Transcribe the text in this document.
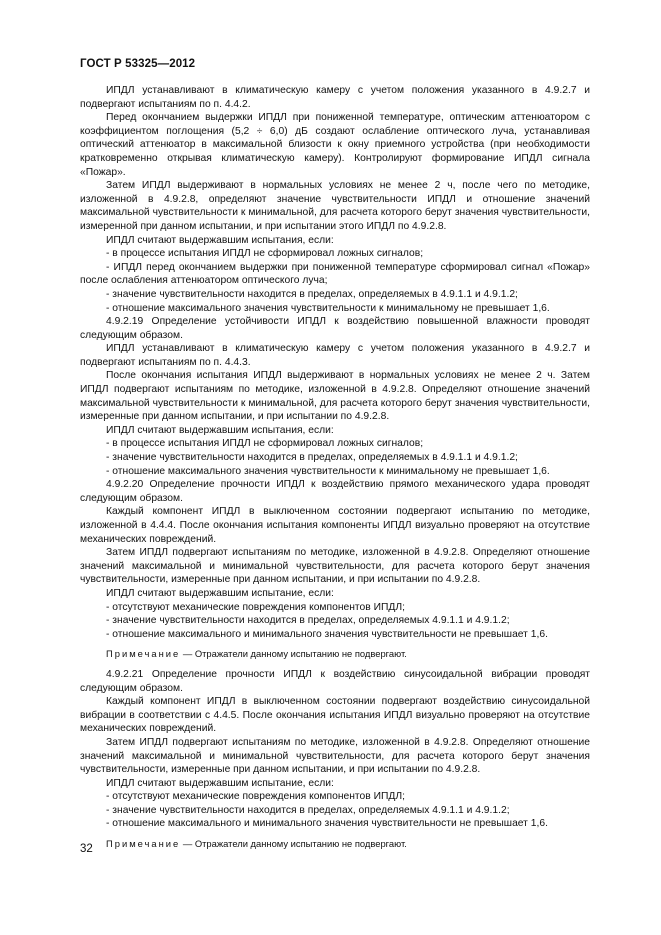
ГОСТ Р 53325—2012

ИПДЛ устанавливают в климатическую камеру с учетом положения указанного в 4.9.2.7 и подвергают испытаниям по п. 4.4.2.

Перед окончанием выдержки ИПДЛ при пониженной температуре, оптическим аттенюатором с коэффициентом поглощения (5,2 ÷ 6,0) дБ создают ослабление оптического луча, устанавливая оптический аттенюатор в максимальной близости к окну приемного устройства (при необходимости кратковременно открывая климатическую камеру). Контролируют формирование ИПДЛ сигнала «Пожар».

Затем ИПДЛ выдерживают в нормальных условиях не менее 2 ч, после чего по методике, изложенной в 4.9.2.8, определяют значение чувствительности ИПДЛ и отношение значений максимальной чувствительности к минимальной, для расчета которого берут значения чувствительности, измеренной при данном испытании, и при испытании этого ИПДЛ по 4.9.2.8.

ИПДЛ считают выдержавшим испытания, если:

- в процессе испытания ИПДЛ не сформировал ложных сигналов;

- ИПДЛ перед окончанием выдержки при пониженной температуре сформировал сигнал «Пожар» после ослабления аттенюатором оптического луча;

- значение чувствительности находится в пределах, определяемых в 4.9.1.1 и 4.9.1.2;

- отношение максимального значения чувствительности к минимальному не превышает 1,6.

4.9.2.19 Определение устойчивости ИПДЛ к воздействию повышенной влажности проводят следующим образом.

ИПДЛ устанавливают в климатическую камеру с учетом положения указанного в 4.9.2.7 и подвергают испытаниям по п. 4.4.3.

После окончания испытания ИПДЛ выдерживают в нормальных условиях не менее 2 ч. Затем ИПДЛ подвергают испытаниям по методике, изложенной в 4.9.2.8. Определяют отношение значений максимальной чувствительности к минимальной, для расчета которого берут значения чувствительности, измеренные при данном испытании, и при испытании по 4.9.2.8.

ИПДЛ считают выдержавшим испытания, если:

- в процессе испытания ИПДЛ не сформировал ложных сигналов;

- значение чувствительности находится в пределах, определяемых в 4.9.1.1 и 4.9.1.2;

- отношение максимального значения чувствительности к минимальному не превышает 1,6.

4.9.2.20 Определение прочности ИПДЛ к воздействию прямого механического удара проводят следующим образом.

Каждый компонент ИПДЛ в выключенном состоянии подвергают испытанию по методике, изложенной в 4.4.4. После окончания испытания компоненты ИПДЛ визуально проверяют на отсутствие механических повреждений.

Затем ИПДЛ подвергают испытаниям по методике, изложенной в 4.9.2.8. Определяют отношение значений максимальной и минимальной чувствительности, для расчета которого берут значения чувствительности, измеренные при данном испытании, и при испытании по 4.9.2.8.

ИПДЛ считают выдержавшим испытание, если:

- отсутствуют механические повреждения компонентов ИПДЛ;

- значение чувствительности находится в пределах, определяемых 4.9.1.1 и 4.9.1.2;

- отношение максимального и минимального значения чувствительности не превышает 1,6.

Примечание — Отражатели данному испытанию не подвергают.

4.9.2.21 Определение прочности ИПДЛ к воздействию синусоидальной вибрации проводят следующим образом.

Каждый компонент ИПДЛ в выключенном состоянии подвергают воздействию синусоидальной вибрации в соответствии с 4.4.5. После окончания испытания ИПДЛ визуально проверяют на отсутствие механических повреждений.

Затем ИПДЛ подвергают испытаниям по методике, изложенной в 4.9.2.8. Определяют отношение значений максимальной и минимальной чувствительности, для расчета которого берут значения чувствительности, измеренные при данном испытании, и при испытании по 4.9.2.8.

ИПДЛ считают выдержавшим испытание, если:

- отсутствуют механические повреждения компонентов ИПДЛ;

- значение чувствительности находится в пределах, определяемых 4.9.1.1 и 4.9.1.2;

- отношение максимального и минимального значения чувствительности не превышает 1,6.

Примечание — Отражатели данному испытанию не подвергают.

32
